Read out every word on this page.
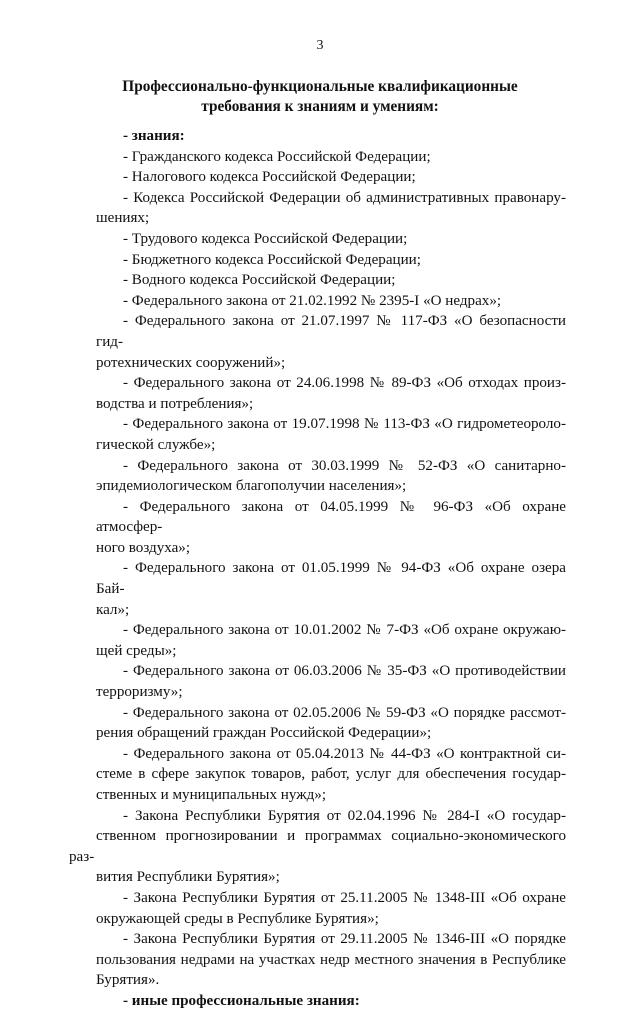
3
Профессионально-функциональные квалификационные
требования к знаниям и умениям:

- знания:

- Гражданского кодекса Российской Федерации;

- Налогового кодекса Российской Федерации;

- Кодекса Российской Федерации об административных правонару-
шениях;

- Трудового кодекса Российской Федерации;

- Бюджетного кодекса Российской Федерации;

- Водного кодекса Российской Федерации;

- Федерального закона от 21.02.1992 № 2395-I «О недрах»;

- Федерального закона от 21.07.1997 № 117-ФЗ «О безопасности гид-
ротехнических сооружений»;

- Федерального закона от 24.06.1998 № 89-ФЗ «Об отходах произ-
водства и потребления»;

- Федерального закона от 19.07.1998 № 113-ФЗ «О гидрометеороло-
гической службе»;

- Федерального закона от 30.03.1999 № 52-ФЗ «О санитарно-
эпидемиологическом благополучии населения»;

- Федерального закона от 04.05.1999 № 96-ФЗ «Об охране атмосфер-
ного воздуха»;

- Федерального закона от 01.05.1999 № 94-ФЗ «Об охране озера Бай-
кал»;

- Федерального закона от 10.01.2002 № 7-ФЗ «Об охране окружаю-
щей среды»;

- Федерального закона от 06.03.2006 № 35-ФЗ «О противодействии
терроризму»;

- Федерального закона от 02.05.2006 № 59-ФЗ «О порядке рассмот-
рения обращений граждан Российской Федерации»;

- Федерального закона от 05.04.2013 № 44-ФЗ «О контрактной си-
стеме в сфере закупок товаров, работ, услуг для обеспечения государ-
ственных и муниципальных нужд»;

- Закона Республики Бурятия от 02.04.1996 № 284-I «О государ-
ственном прогнозировании и программах социально-экономического раз-
вития Республики Бурятия»;

- Закона Республики Бурятия от 25.11.2005 № 1348-III «Об охране
окружающей среды в Республике Бурятия»;

- Закона Республики Бурятия от 29.11.2005 № 1346-III «О порядке
пользования недрами на участках недр местного значения в Республике
Бурятия».

- иные профессиональные знания:
